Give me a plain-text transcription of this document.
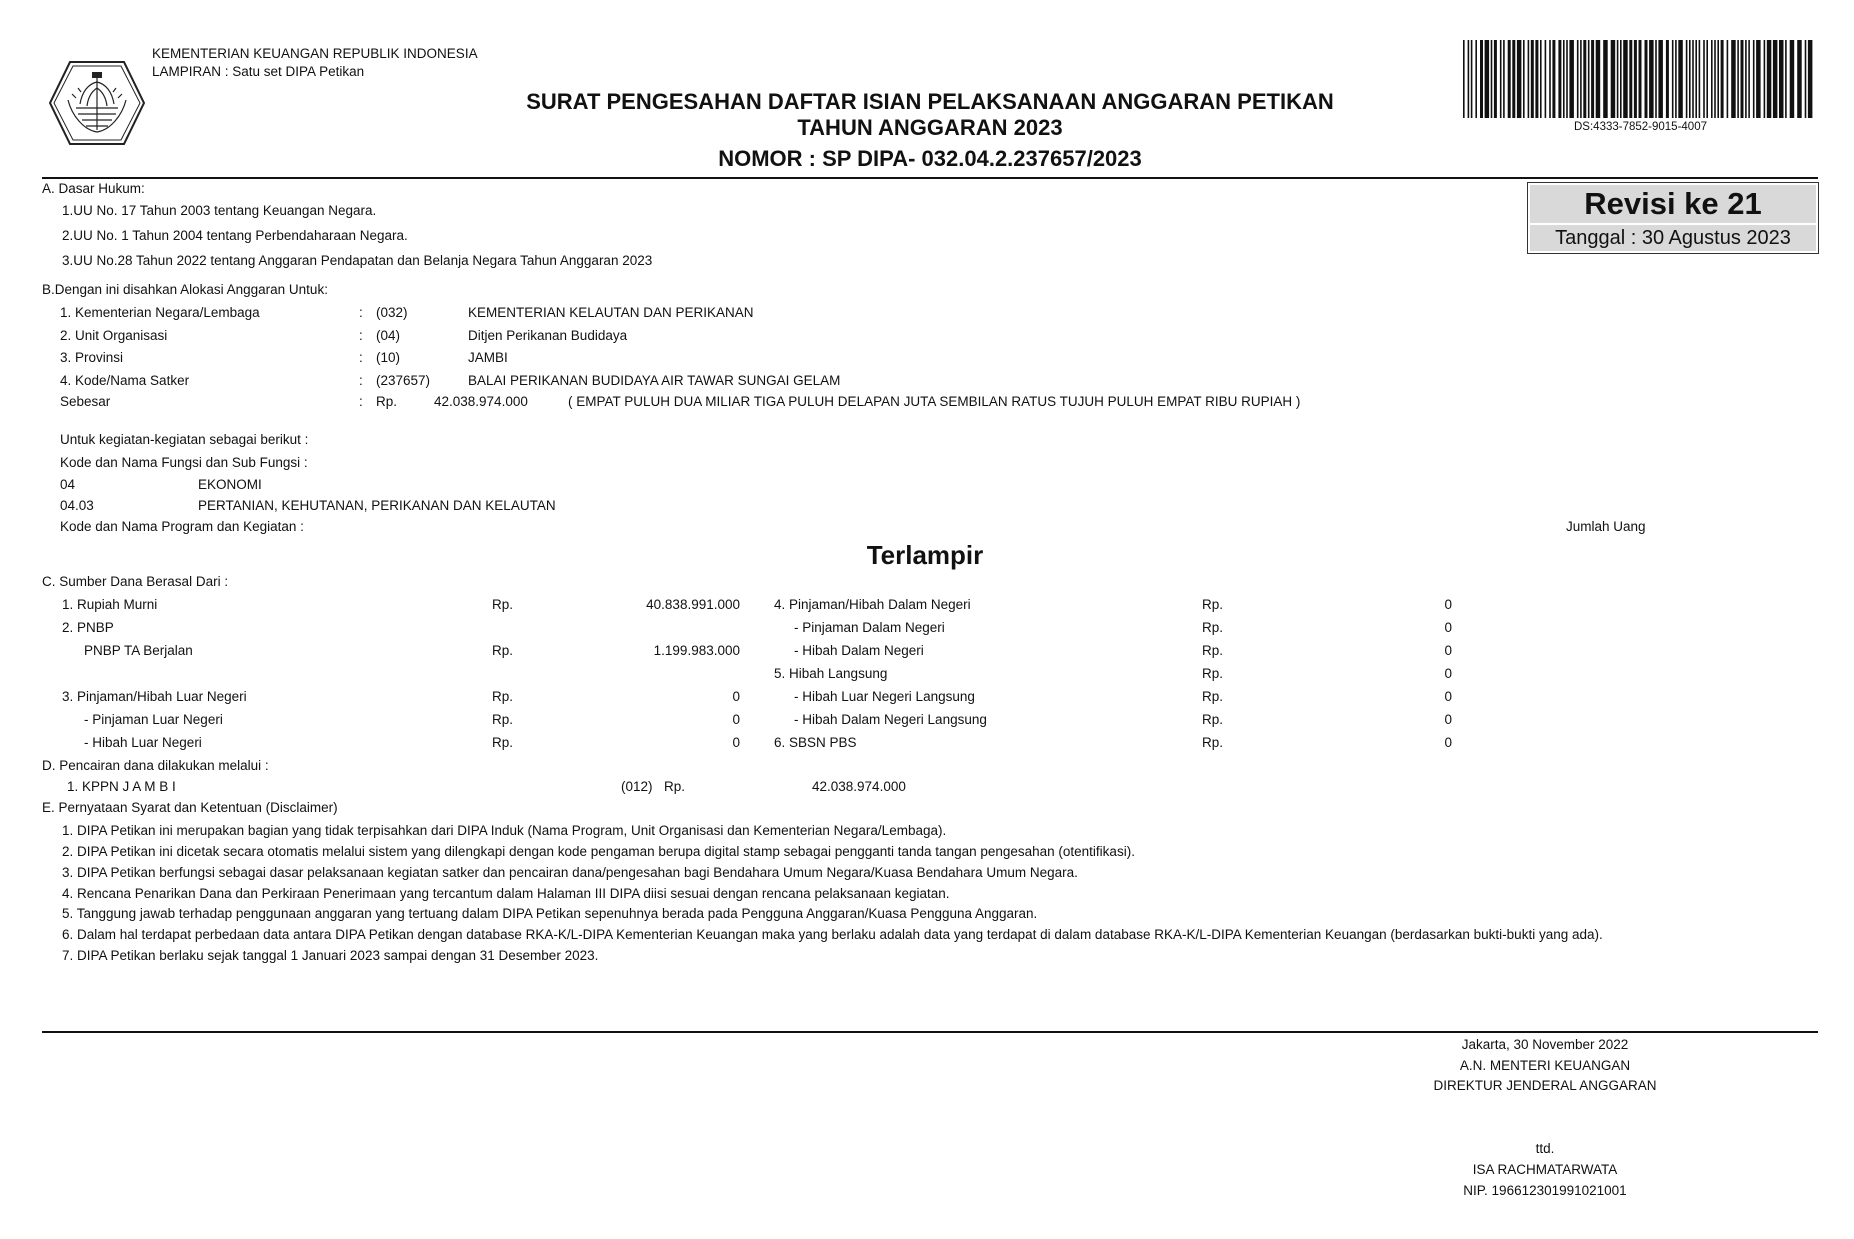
KEMENTERIAN KEUANGAN REPUBLIK INDONESIA
LAMPIRAN : Satu set DIPA Petikan
SURAT PENGESAHAN DAFTAR ISIAN PELAKSANAAN ANGGARAN PETIKAN
TAHUN ANGGARAN 2023
NOMOR : SP DIPA- 032.04.2.237657/2023
DS:4333-7852-9015-4007
Revisi ke 21
Tanggal : 30 Agustus 2023
A. Dasar Hukum:
1.UU No. 17 Tahun 2003 tentang Keuangan Negara.
2.UU No. 1 Tahun 2004 tentang Perbendaharaan Negara.
3.UU No.28 Tahun 2022 tentang Anggaran Pendapatan dan Belanja Negara Tahun Anggaran 2023
B.Dengan ini disahkan Alokasi Anggaran Untuk:
1. Kementerian Negara/Lembaga	: (032)	KEMENTERIAN KELAUTAN DAN PERIKANAN
2. Unit Organisasi	: (04)	Ditjen Perikanan Budidaya
3. Provinsi	: (10)	JAMBI
4. Kode/Nama Satker	: (237657)	BALAI PERIKANAN BUDIDAYA AIR TAWAR SUNGAI GELAM
Sebesar	: Rp.	42.038.974.000	( EMPAT PULUH DUA MILIAR TIGA PULUH DELAPAN JUTA SEMBILAN RATUS TUJUH PULUH EMPAT RIBU RUPIAH )
Untuk kegiatan-kegiatan sebagai berikut :
Kode dan Nama Fungsi dan Sub Fungsi :
04	EKONOMI
04.03	PERTANIAN, KEHUTANAN, PERIKANAN DAN KELAUTAN
Kode dan Nama Program dan Kegiatan :	Jumlah Uang
Terlampir
C. Sumber Dana Berasal Dari :
1. Rupiah Murni	Rp.	40.838.991.000
2. PNBP
PNBP TA Berjalan	Rp.	1.199.983.000
3. Pinjaman/Hibah Luar Negeri	Rp.	0
- Pinjaman Luar Negeri	Rp.	0
- Hibah Luar Negeri	Rp.	0
4. Pinjaman/Hibah Dalam Negeri	Rp.	0
- Pinjaman Dalam Negeri	Rp.	0
- Hibah Dalam Negeri	Rp.	0
5. Hibah Langsung	Rp.	0
- Hibah Luar Negeri Langsung	Rp.	0
- Hibah Dalam Negeri Langsung	Rp.	0
6. SBSN PBS	Rp.	0
D. Pencairan dana dilakukan melalui :
1. KPPN J A M B I	(012) Rp.	42.038.974.000
E. Pernyataan Syarat dan Ketentuan (Disclaimer)
1. DIPA Petikan ini merupakan bagian yang tidak terpisahkan dari DIPA Induk (Nama Program, Unit Organisasi dan Kementerian Negara/Lembaga).
2. DIPA Petikan ini dicetak secara otomatis melalui sistem yang dilengkapi dengan kode pengaman berupa digital stamp sebagai pengganti tanda tangan pengesahan (otentifikasi).
3. DIPA Petikan berfungsi sebagai dasar pelaksanaan kegiatan satker dan pencairan dana/pengesahan bagi Bendahara Umum Negara/Kuasa Bendahara Umum Negara.
4. Rencana Penarikan Dana dan Perkiraan Penerimaan yang tercantum dalam Halaman III DIPA diisi sesuai dengan rencana pelaksanaan kegiatan.
5. Tanggung jawab terhadap penggunaan anggaran yang tertuang dalam DIPA Petikan sepenuhnya berada pada Pengguna Anggaran/Kuasa Pengguna Anggaran.
6. Dalam hal terdapat perbedaan data antara DIPA Petikan dengan database RKA-K/L-DIPA Kementerian Keuangan maka yang berlaku adalah data yang terdapat di dalam database RKA-K/L-DIPA Kementerian Keuangan (berdasarkan bukti-bukti yang ada).
7. DIPA Petikan berlaku sejak tanggal 1 Januari 2023 sampai dengan 31 Desember 2023.
Jakarta, 30 November 2022
A.N. MENTERI KEUANGAN
DIREKTUR JENDERAL ANGGARAN
ttd.
ISA RACHMATARWATA
NIP. 196612301991021001
